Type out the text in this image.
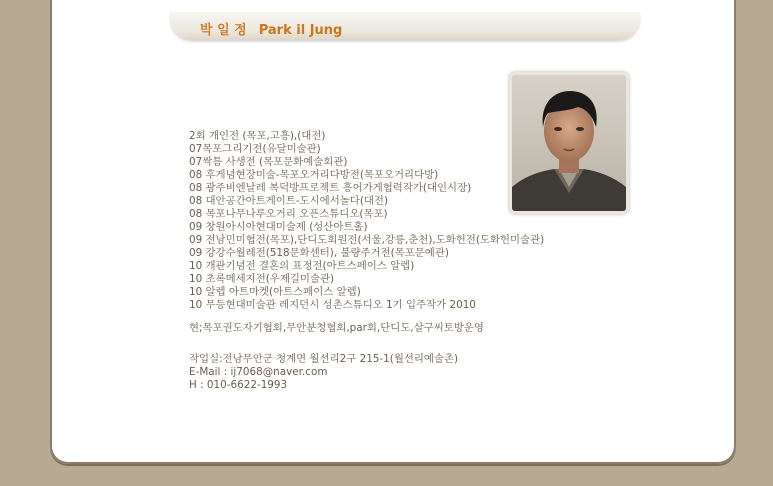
박 일 정 Park il Jung
2회 개인전 (목포,고흥),(대전)
07목포그리기전(유달미술관)
07싹틈 사생전 (목포문화예술회관)
08 후게념현장미술-목포오거리다방전(목포오거리다방)
08 광주비엔날레 복덕방프로젝트 흥어가게협력작가(대인시장)
08 대안공간아트게이트-도시에서놀다(대전)
08 목포나무나루오거리 오픈스튜디오(목포)
09 창원아시아현대미술제 (성산아트홀)
09 전남민미협전(목포),단디도회원전(서울,강릉,춘천),도화헌전(도화헌미술관)
09 강강수월레전(518문화센터), 불량주거전(목포문예관)
10 개관기념전 결혼의 표정전(아트스페이스 알렙)
10 초록메세지전(우제길미술관)
10 알렙 아트마켓(아트스페이스 알렙)
10 무등현대미술관 레지던시 성촌스튜디오 1기 입주작가 2010
현;목포권도자기협회,무안분청협회,par회,단디도,살구씨토방운영
작업실:전남무안군 청계면 월선리2구 215-1(월선리예술촌)
E-Mail : ij7068@naver.com
H : 010-6622-1993
